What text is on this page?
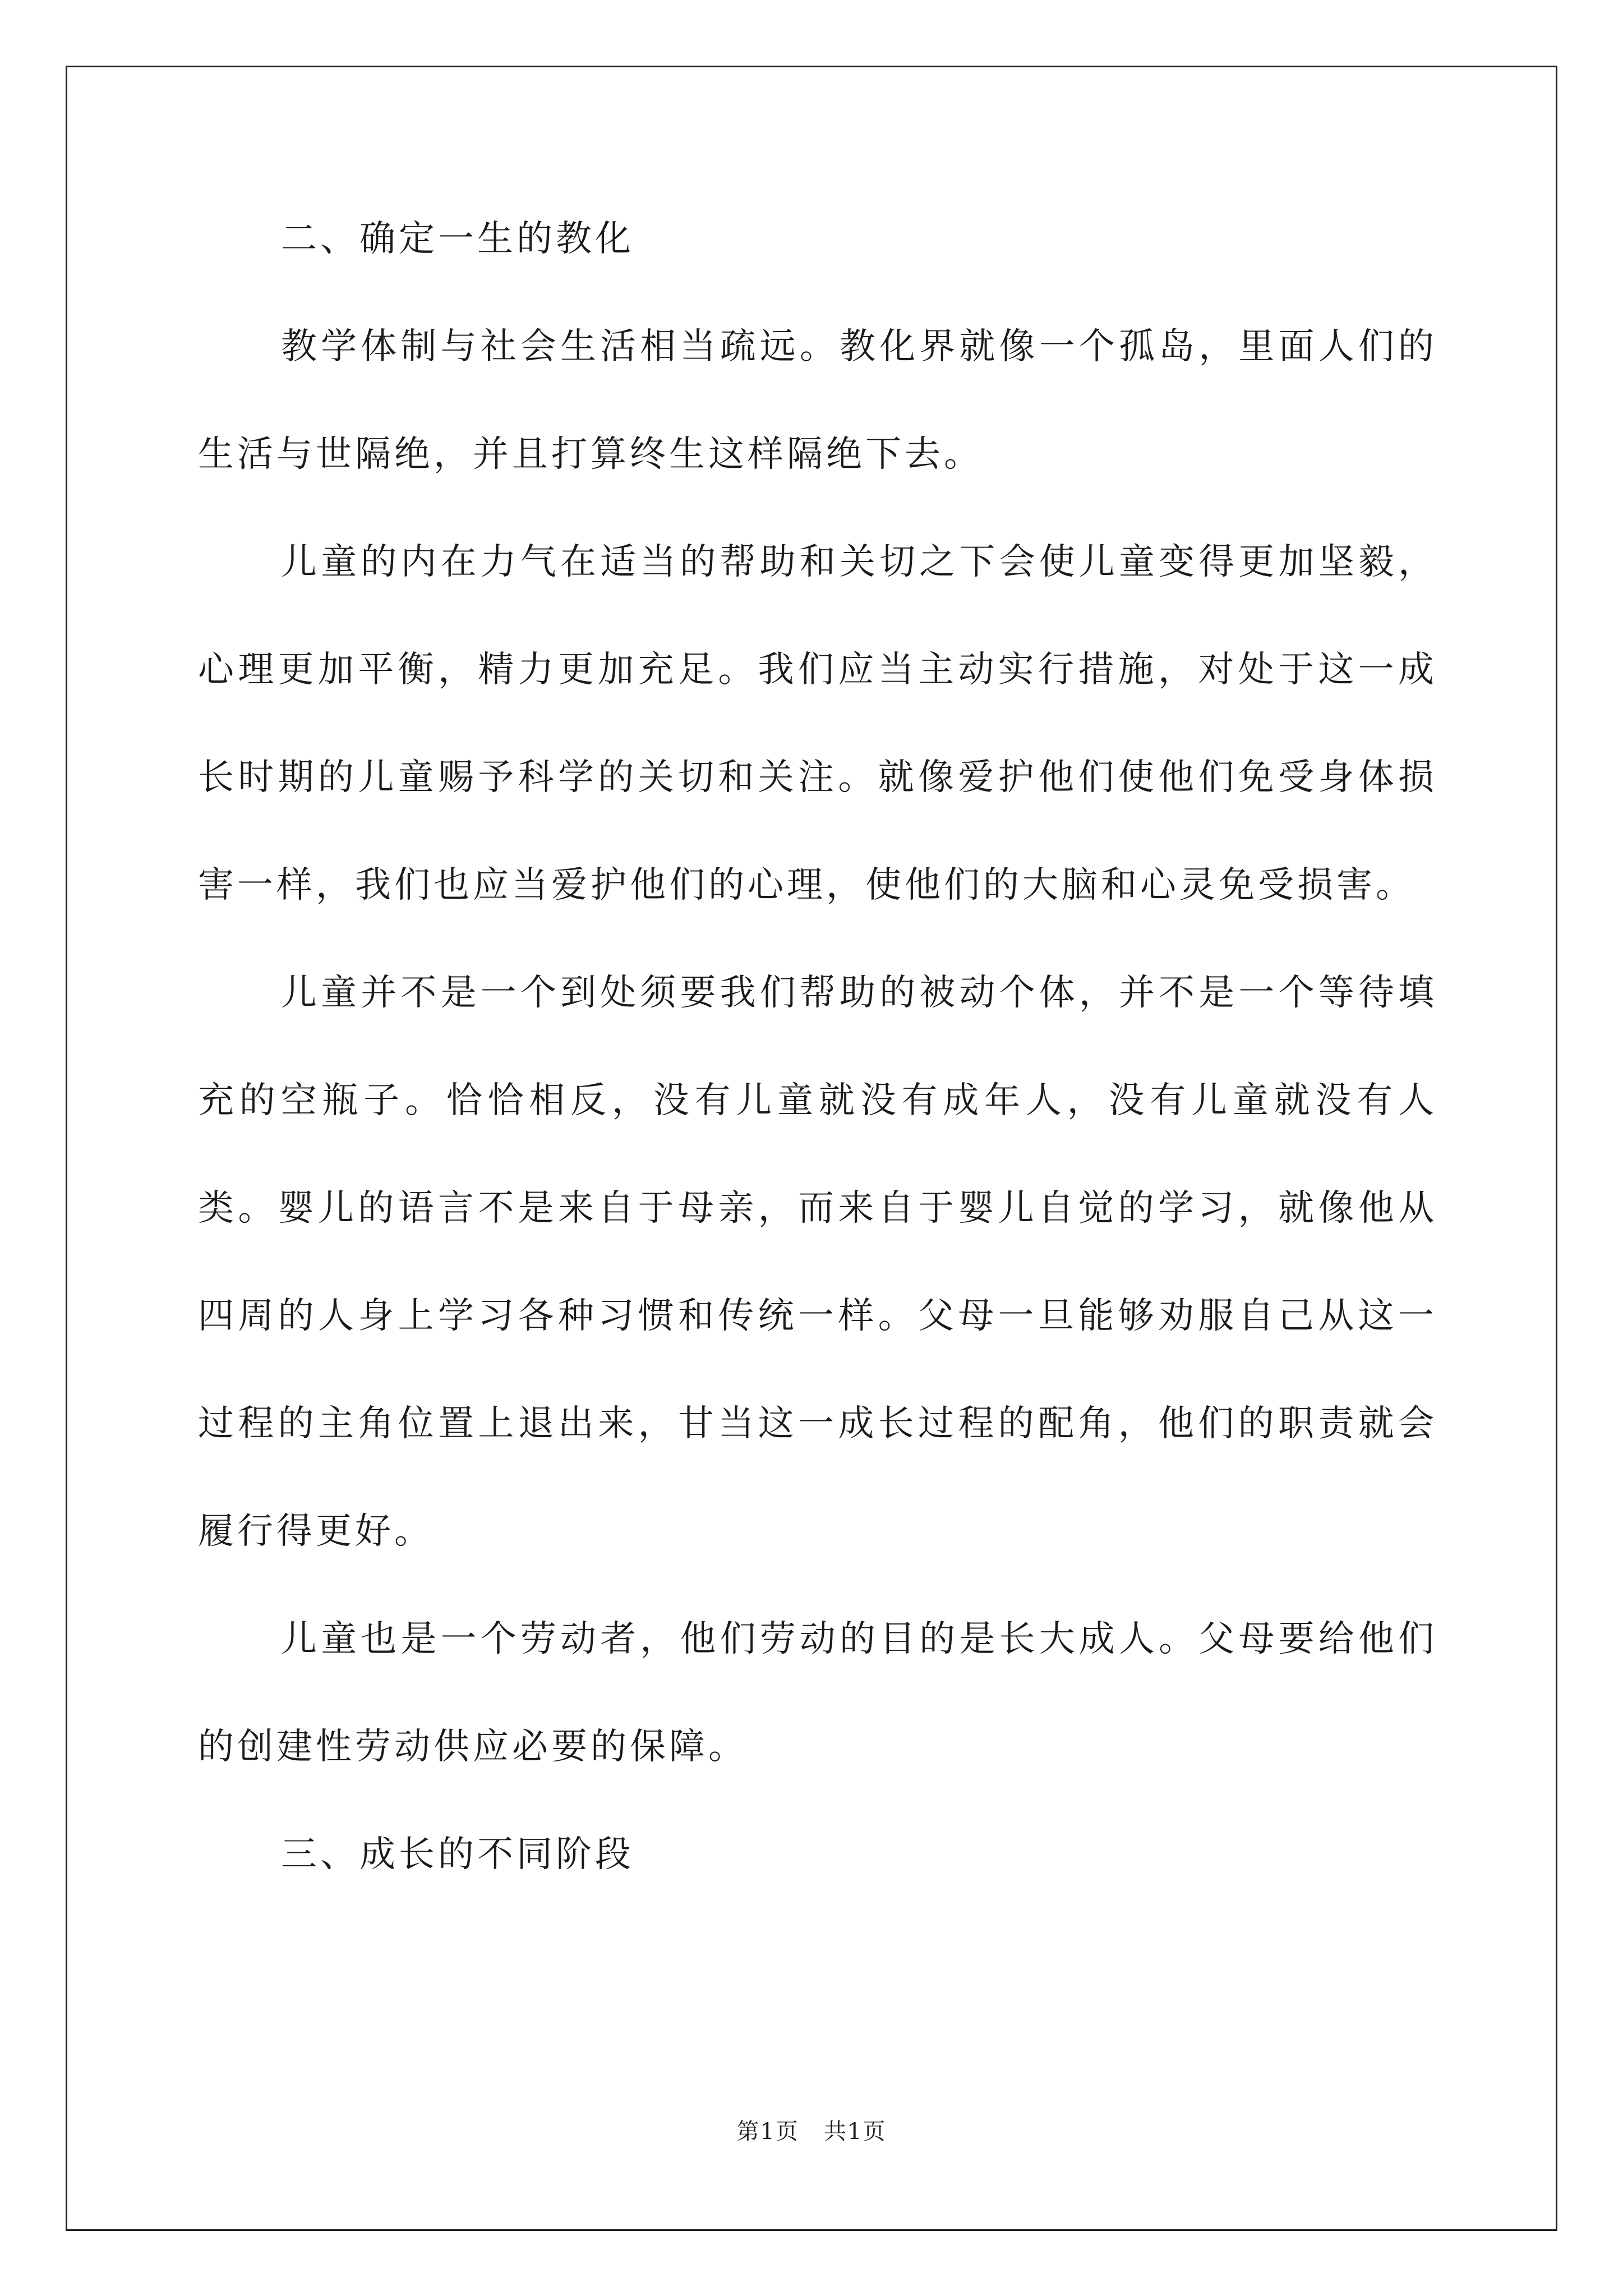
二、确定一生的教化

教学体制与社会生活相当疏远。教化界就像一个孤岛，里面人们的生活与世隔绝，并且打算终生这样隔绝下去。

儿童的内在力气在适当的帮助和关切之下会使儿童变得更加坚毅，心理更加平衡，精力更加充足。我们应当主动实行措施，对处于这一成长时期的儿童赐予科学的关切和关注。就像爱护他们使他们免受身体损害一样，我们也应当爱护他们的心理，使他们的大脑和心灵免受损害。

儿童并不是一个到处须要我们帮助的被动个体，并不是一个等待填充的空瓶子。恰恰相反，没有儿童就没有成年人，没有儿童就没有人类。婴儿的语言不是来自于母亲，而来自于婴儿自觉的学习，就像他从四周的人身上学习各种习惯和传统一样。父母一旦能够劝服自己从这一过程的主角位置上退出来，甘当这一成长过程的配角，他们的职责就会履行得更好。

儿童也是一个劳动者，他们劳动的目的是长大成人。父母要给他们的创建性劳动供应必要的保障。

三、成长的不同阶段

第1页   共1页
